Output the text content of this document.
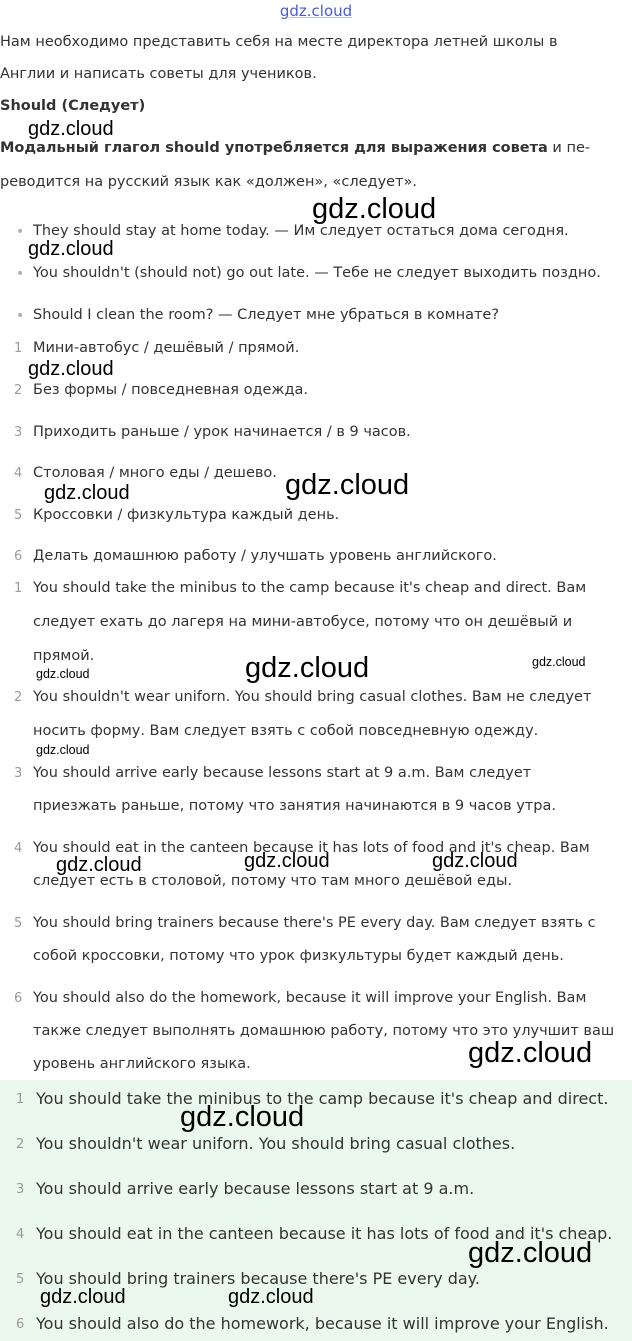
gdz.cloud
Нам необходимо представить себя на месте директора летней школы в
Англии и написать советы для учеников.
Should (Следует)
Модальный глагол should употребляется для выражения совета и пе-
реводится на русский язык как «должен», «следует».
• They should stay at home today. — Им следует остаться дома сегодня.
• You shouldn't (should not) go out late. — Тебе не следует выходить поздно.
• Should I clean the room? — Следует мне убраться в комнате?
1 Мини-автобус / дешёвый / прямой.
2 Без формы / повседневная одежда.
3 Приходить раньше / урок начинается / в 9 часов.
4 Столовая / много еды / дешево.
5 Кроссовки / физкультура каждый день.
6 Делать домашнюю работу / улучшать уровень английского.
1 You should take the minibus to the camp because it's cheap and direct. Вам
следует ехать до лагеря на мини-автобусе, потому что он дешёвый и
прямой.
2 You shouldn't wear uniforn. You should bring casual clothes. Вам не следует
носить форму. Вам следует взять с собой повседневную одежду.
3 You should arrive early because lessons start at 9 a.m. Вам следует
приезжать раньше, потому что занятия начинаются в 9 часов утра.
4 You should eat in the canteen because it has lots of food and it's cheap. Вам
следует есть в столовой, потому что там много дешёвой еды.
5 You should bring trainers because there's PE every day. Вам следует взять с
собой кроссовки, потому что урок физкультуры будет каждый день.
6 You should also do the homework, because it will improve your English. Вам
также следует выполнять домашнюю работу, потому что это улучшит ваш
уровень английского языка.
1 You should take the minibus to the camp because it's cheap and direct.
2 You shouldn't wear uniforn. You should bring casual clothes.
3 You should arrive early because lessons start at 9 a.m.
4 You should eat in the canteen because it has lots of food and it's cheap.
5 You should bring trainers because there's PE every day.
6 You should also do the homework, because it will improve your English.
gdz.cloud
gdz.cloud
gdz.cloud
gdz.cloud
gdz.cloud
gdz.cloud
gdz.cloud	gdz.cloud
gdz.cloud
gdz.cloud
gdz.cloud	gdz.cloud	gdz.cloud
gdz.cloud
gdz.cloud
gdz.cloud
gdz.cloud	gdz.cloud
